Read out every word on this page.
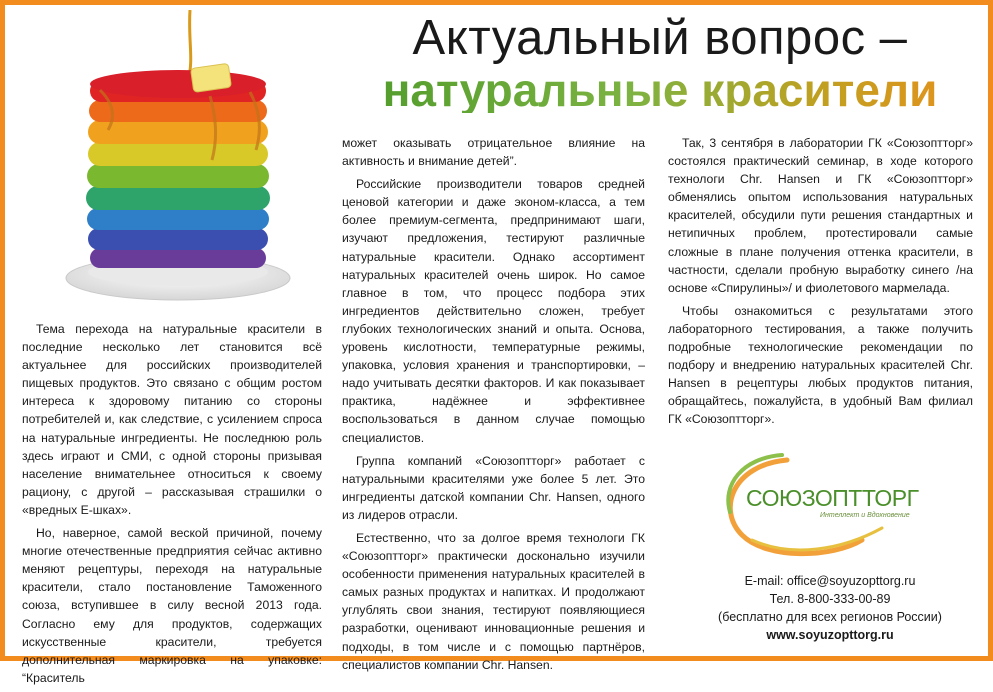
Актуальный вопрос –
натуральные красители

Тема перехода на натуральные красители в последние несколько лет становится всё актуальнее для российских производителей пищевых продуктов. Это связано с общим ростом интереса к здоровому питанию со стороны потребителей и, как следствие, с усилением спроса на натуральные ингредиенты. Не последнюю роль здесь играют и СМИ, с одной стороны призывая население внимательнее относиться к своему рациону, с другой – рассказывая страшилки о «вредных Е-шках».

Но, наверное, самой веской причиной, почему многие отечественные предприятия сейчас активно меняют рецептуры, переходя на натуральные красители, стало постановление Таможенного союза, вступившее в силу весной 2013 года. Согласно ему для продуктов, содержащих искусственные красители, требуется дополнительная маркировка на упаковке: “Краситель

может оказывать отрицательное влияние на активность и внимание детей”.

Российские производители товаров средней ценовой категории и даже эконом-класса, а тем более премиум-сегмента, предпринимают шаги, изучают предложения, тестируют различные натуральные красители. Однако ассортимент натуральных красителей очень широк. Но самое главное в том, что процесс подбора этих ингредиентов действительно сложен, требует глубоких технологических знаний и опыта. Основа, уровень кислотности, температурные режимы, упаковка, условия хранения и транспортировки, – надо учитывать десятки факторов. И как показывает практика, надёжнее и эффективнее воспользоваться в данном случае помощью специалистов.

Группа компаний «Союзоптторг» работает с натуральными красителями уже более 5 лет. Это ингредиенты датской компании Chr. Hansen, одного из лидеров отрасли.

Естественно, что за долгое время технологи ГК «Союзоптторг» практически досконально изучили особенности применения натуральных красителей в самых разных продуктах и напитках. И продолжают углублять свои знания, тестируют появляющиеся разработки, оценивают инновационные решения и подходы, в том числе и с помощью партнёров, специалистов компании Chr. Hansen.

Так, 3 сентября в лаборатории ГК «Союзоптторг» состоялся практический семинар, в ходе которого технологи Chr. Hansen и ГК «Союзоптторг» обменялись опытом использования натуральных красителей, обсудили пути решения стандартных и нетипичных проблем, протестировали самые сложные в плане получения оттенка красители, в частности, сделали пробную выработку синего /на основе «Спирулины»/ и фиолетового мармелада.

Чтобы ознакомиться с результатами этого лабораторного тестирования, а также получить подробные технологические рекомендации по подбору и внедрению натуральных красителей Chr. Hansen в рецептуры любых продуктов питания, обращайтесь, пожалуйста, в удобный Вам филиал ГК «Союзоптторг».

СОЮЗОПТТОРГ
Интеллект и Вдохновение
E-mail: office@soyuzopttorg.ru
Тел. 8-800-333-00-89
(бесплатно для всех регионов России)
www.soyuzopttorg.ru
